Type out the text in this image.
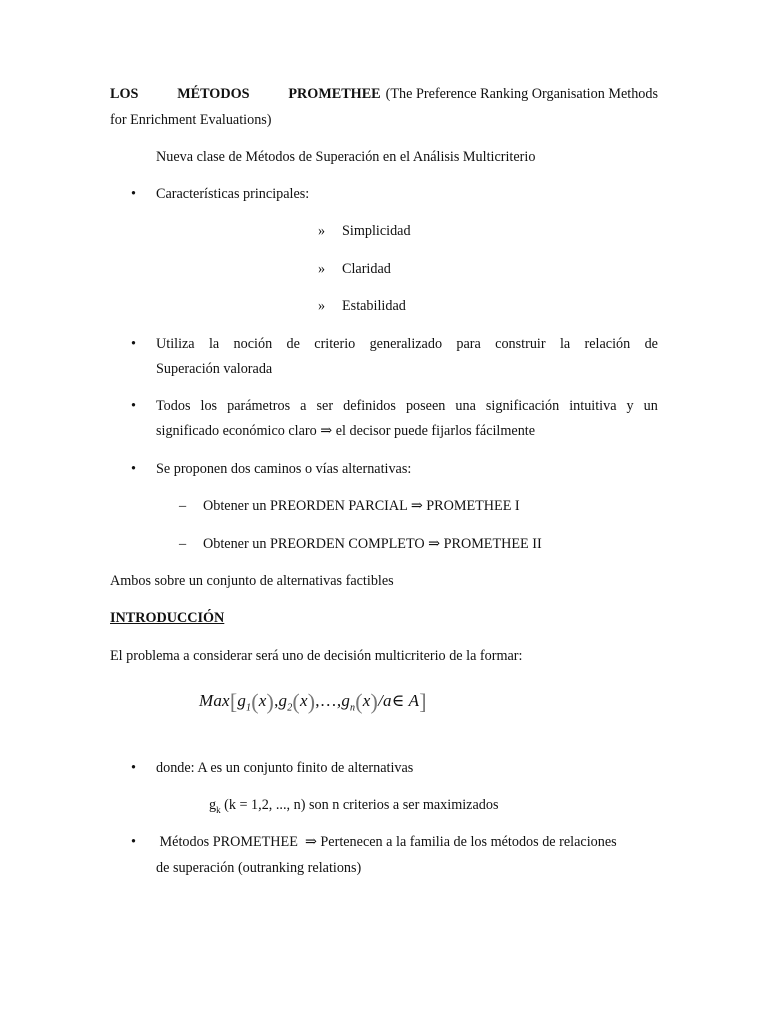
LOS	MÉTODOS	PROMETHEE (The Preference Ranking Organisation Methods
for Enrichment Evaluations)
Nueva clase de Métodos de Superación en el Análisis Multicriterio
• Características principales:
» Simplicidad
» Claridad
» Estabilidad
• Utiliza la noción de criterio generalizado para construir la relación de
Superación valorada
• Todos los parámetros a ser definidos poseen una significación intuitiva y un
significado económico claro ⇒ el decisor puede fijarlos fácilmente
• Se proponen dos caminos o vías alternativas:
– Obtener un PREORDEN PARCIAL ⇒ PROMETHEE I
– Obtener un PREORDEN COMPLETO ⇒ PROMETHEE II
Ambos sobre un conjunto de alternativas factibles
INTRODUCCIÓN
El problema a considerar será uno de decisión multicriterio de la formar:
$Max[g_1(x),g_2(x),\dots,g_n(x)/a\in$ A]
• donde: A es un conjunto finito de alternativas
$g_k$ (k = 1,2, ..., n) son n criterios a ser maximizados
• Métodos PROMETHEE  ⇒ Pertenecen a la familia de los métodos de relaciones
de superación (outranking relations)
